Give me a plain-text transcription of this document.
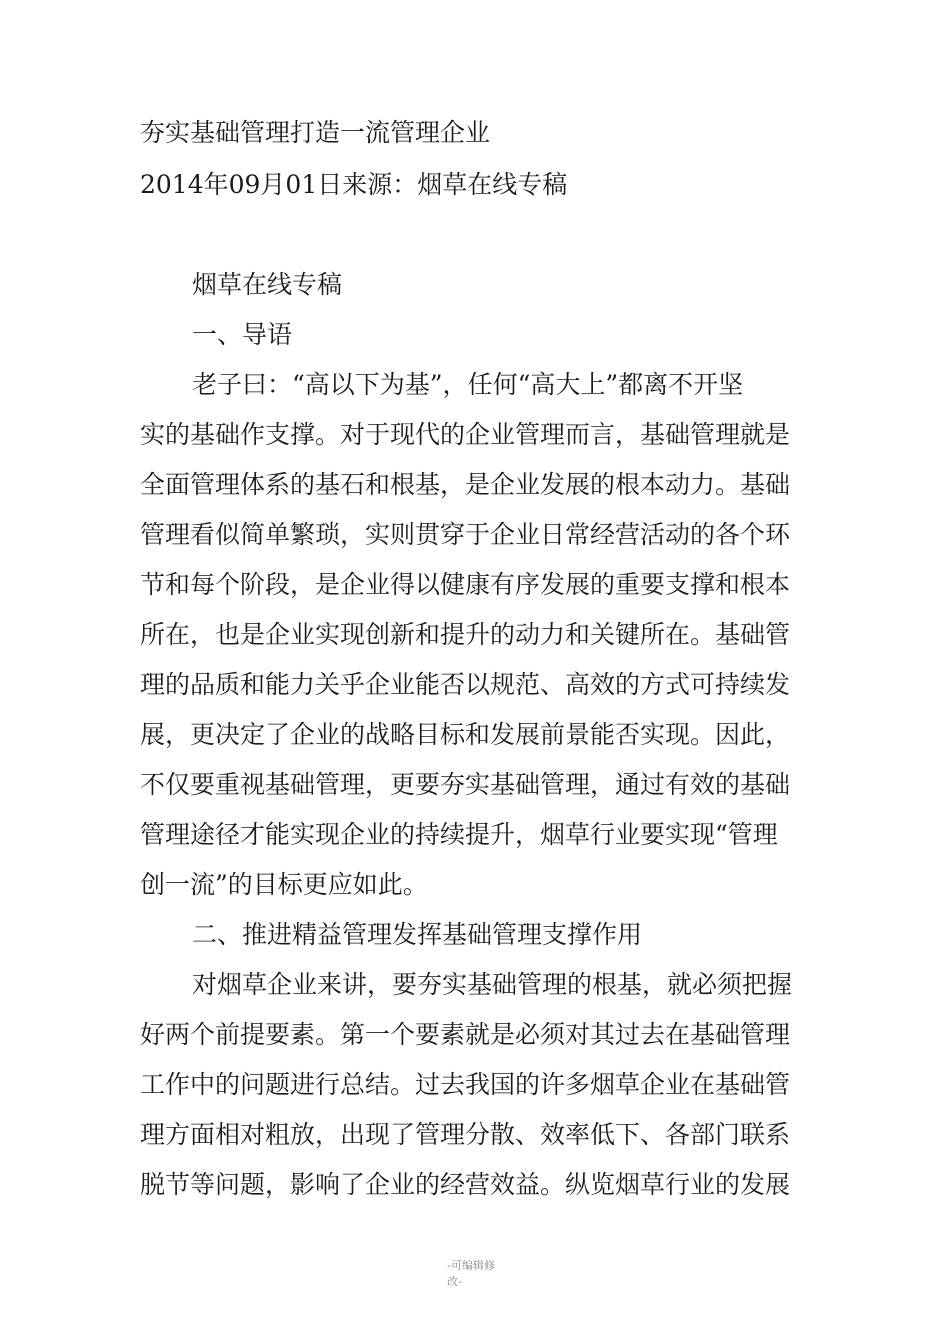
夯实基础管理打造一流管理企业
2014年09月01日来源：烟草在线专稿
烟草在线专稿
一、导语
老子曰：“高以下为基”，任何“高大上”都离不开坚
实的基础作支撑。对于现代的企业管理而言，基础管理就是
全面管理体系的基石和根基，是企业发展的根本动力。基础
管理看似简单繁琐，实则贯穿于企业日常经营活动的各个环
节和每个阶段，是企业得以健康有序发展的重要支撑和根本
所在，也是企业实现创新和提升的动力和关键所在。基础管
理的品质和能力关乎企业能否以规范、高效的方式可持续发
展，更决定了企业的战略目标和发展前景能否实现。因此，
不仅要重视基础管理，更要夯实基础管理，通过有效的基础
管理途径才能实现企业的持续提升，烟草行业要实现“管理
创一流”的目标更应如此。
二、推进精益管理发挥基础管理支撑作用
对烟草企业来讲，要夯实基础管理的根基，就必须把握
好两个前提要素。第一个要素就是必须对其过去在基础管理
工作中的问题进行总结。过去我国的许多烟草企业在基础管
理方面相对粗放，出现了管理分散、效率低下、各部门联系
脱节等问题，影响了企业的经营效益。纵览烟草行业的发展
-可编辑修改-
